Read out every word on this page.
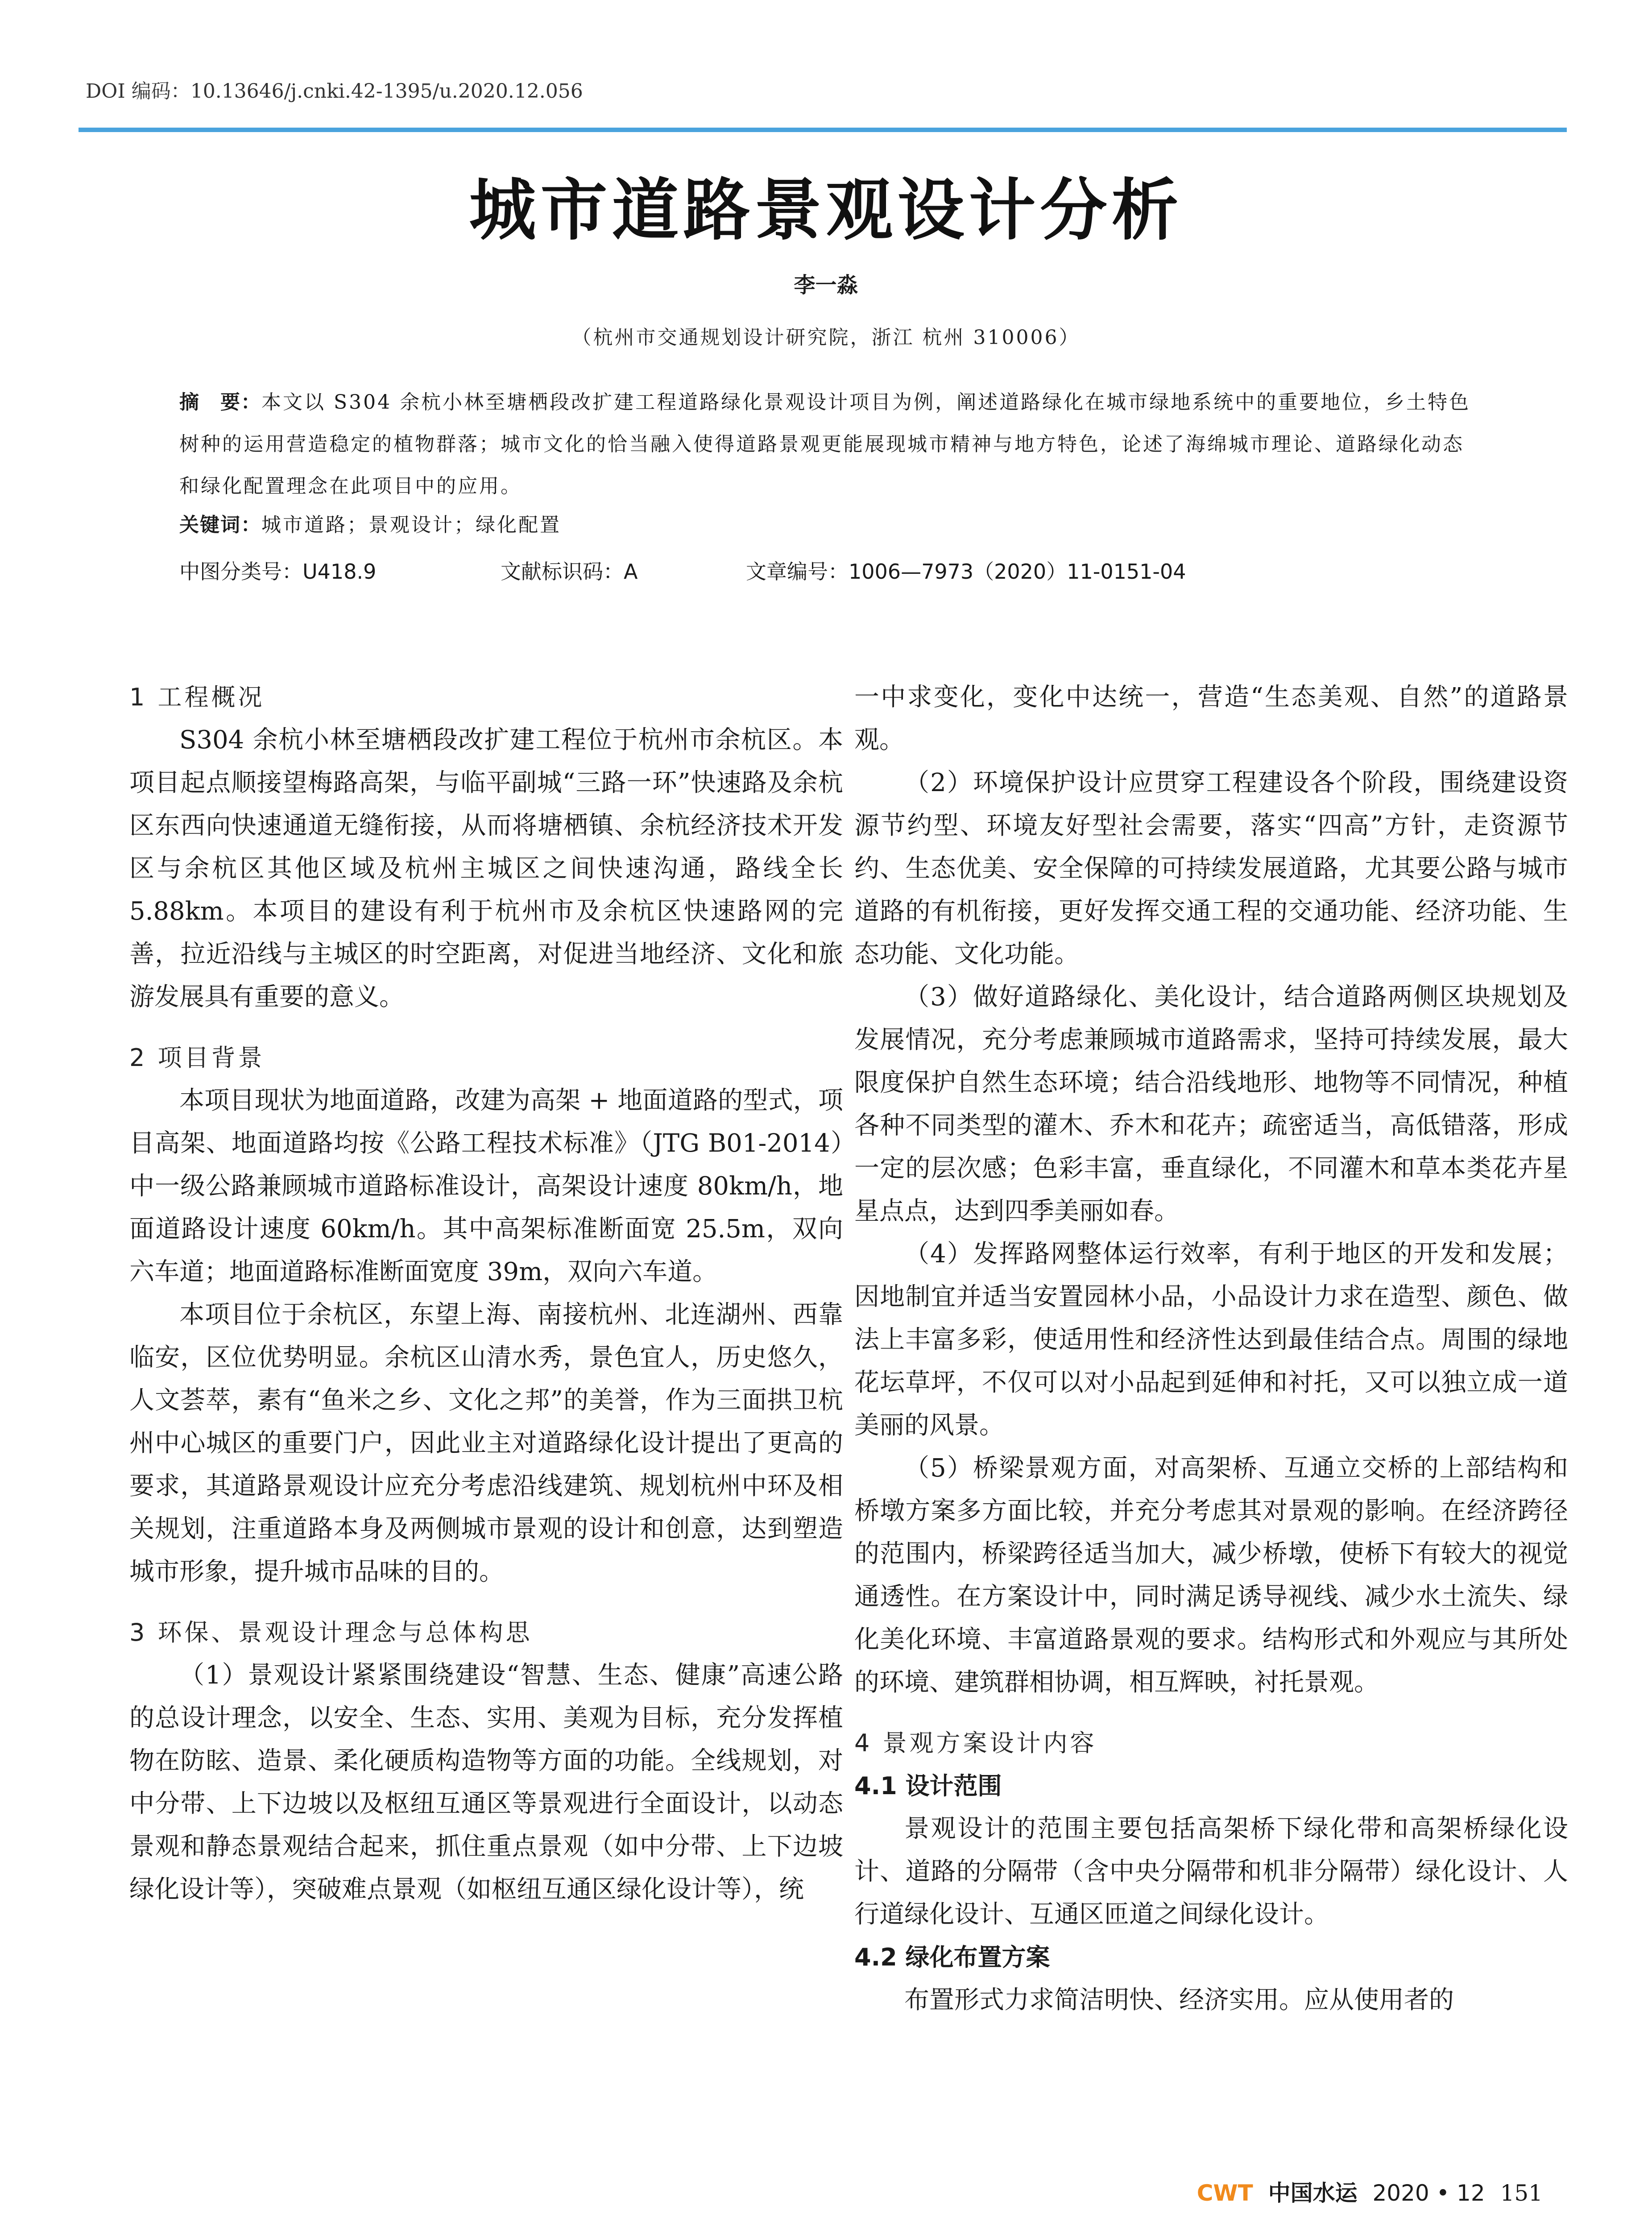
DOI 编码：10.13646/j.cnki.42-1395/u.2020.12.056
城市道路景观设计分析
李一淼
（杭州市交通规划设计研究院，浙江 杭州 310006）
摘　要：本文以 S304 余杭小林至塘栖段改扩建工程道路绿化景观设计项目为例，阐述道路绿化在城市绿地系统中的重要地位，乡土特色树种的运用营造稳定的植物群落；城市文化的恰当融入使得道路景观更能展现城市精神与地方特色，论述了海绵城市理论、道路绿化动态和绿化配置理念在此项目中的应用。
关键词：城市道路；景观设计；绿化配置
中图分类号：U418.9	文献标识码：A	文章编号：1006—7973（2020）11-0151-04
1 工程概况

S304 余杭小林至塘栖段改扩建工程位于杭州市余杭区。本项目起点顺接望梅路高架，与临平副城“三路一环”快速路及余杭区东西向快速通道无缝衔接，从而将塘栖镇、余杭经济技术开发区与余杭区其他区域及杭州主城区之间快速沟通，路线全长 5.88km。本项目的建设有利于杭州市及余杭区快速路网的完善，拉近沿线与主城区的时空距离，对促进当地经济、文化和旅游发展具有重要的意义。

2 项目背景

本项目现状为地面道路，改建为高架 + 地面道路的型式，项目高架、地面道路均按《公路工程技术标准》（JTG B01-2014）中一级公路兼顾城市道路标准设计，高架设计速度 80km/h，地面道路设计速度 60km/h。其中高架标准断面宽 25.5m，双向六车道；地面道路标准断面宽度 39m，双向六车道。

本项目位于余杭区，东望上海、南接杭州、北连湖州、西靠临安，区位优势明显。余杭区山清水秀，景色宜人，历史悠久，人文荟萃，素有“鱼米之乡、文化之邦”的美誉，作为三面拱卫杭州中心城区的重要门户，因此业主对道路绿化设计提出了更高的要求，其道路景观设计应充分考虑沿线建筑、规划杭州中环及相关规划，注重道路本身及两侧城市景观的设计和创意，达到塑造城市形象，提升城市品味的目的。

3 环保、景观设计理念与总体构思

（1）景观设计紧紧围绕建设“智慧、生态、健康”高速公路的总设计理念，以安全、生态、实用、美观为目标，充分发挥植物在防眩、造景、柔化硬质构造物等方面的功能。全线规划，对中分带、上下边坡以及枢纽互通区等景观进行全面设计，以动态景观和静态景观结合起来，抓住重点景观（如中分带、上下边坡绿化设计等），突破难点景观（如枢纽互通区绿化设计等），统

一中求变化，变化中达统一，营造“生态美观、自然”的道路景观。

（2）环境保护设计应贯穿工程建设各个阶段，围绕建设资源节约型、环境友好型社会需要，落实“四高”方针，走资源节约、生态优美、安全保障的可持续发展道路，尤其要公路与城市道路的有机衔接，更好发挥交通工程的交通功能、经济功能、生态功能、文化功能。

（3）做好道路绿化、美化设计，结合道路两侧区块规划及发展情况，充分考虑兼顾城市道路需求，坚持可持续发展，最大限度保护自然生态环境；结合沿线地形、地物等不同情况，种植各种不同类型的灌木、乔木和花卉；疏密适当，高低错落，形成一定的层次感；色彩丰富，垂直绿化，不同灌木和草本类花卉星星点点，达到四季美丽如春。

（4）发挥路网整体运行效率，有利于地区的开发和发展；因地制宜并适当安置园林小品，小品设计力求在造型、颜色、做法上丰富多彩，使适用性和经济性达到最佳结合点。周围的绿地花坛草坪，不仅可以对小品起到延伸和衬托，又可以独立成一道美丽的风景。

（5）桥梁景观方面，对高架桥、互通立交桥的上部结构和桥墩方案多方面比较，并充分考虑其对景观的影响。在经济跨径的范围内，桥梁跨径适当加大，减少桥墩，使桥下有较大的视觉通透性。在方案设计中，同时满足诱导视线、减少水土流失、绿化美化环境、丰富道路景观的要求。结构形式和外观应与其所处的环境、建筑群相协调，相互辉映，衬托景观。

4 景观方案设计内容
4.1 设计范围

景观设计的范围主要包括高架桥下绿化带和高架桥绿化设计、道路的分隔带（含中央分隔带和机非分隔带）绿化设计、人行道绿化设计、互通区匝道之间绿化设计。

4.2 绿化布置方案

布置形式力求简洁明快、经济实用。应从使用者的

CWT 中国水运 2020 • 12 151
